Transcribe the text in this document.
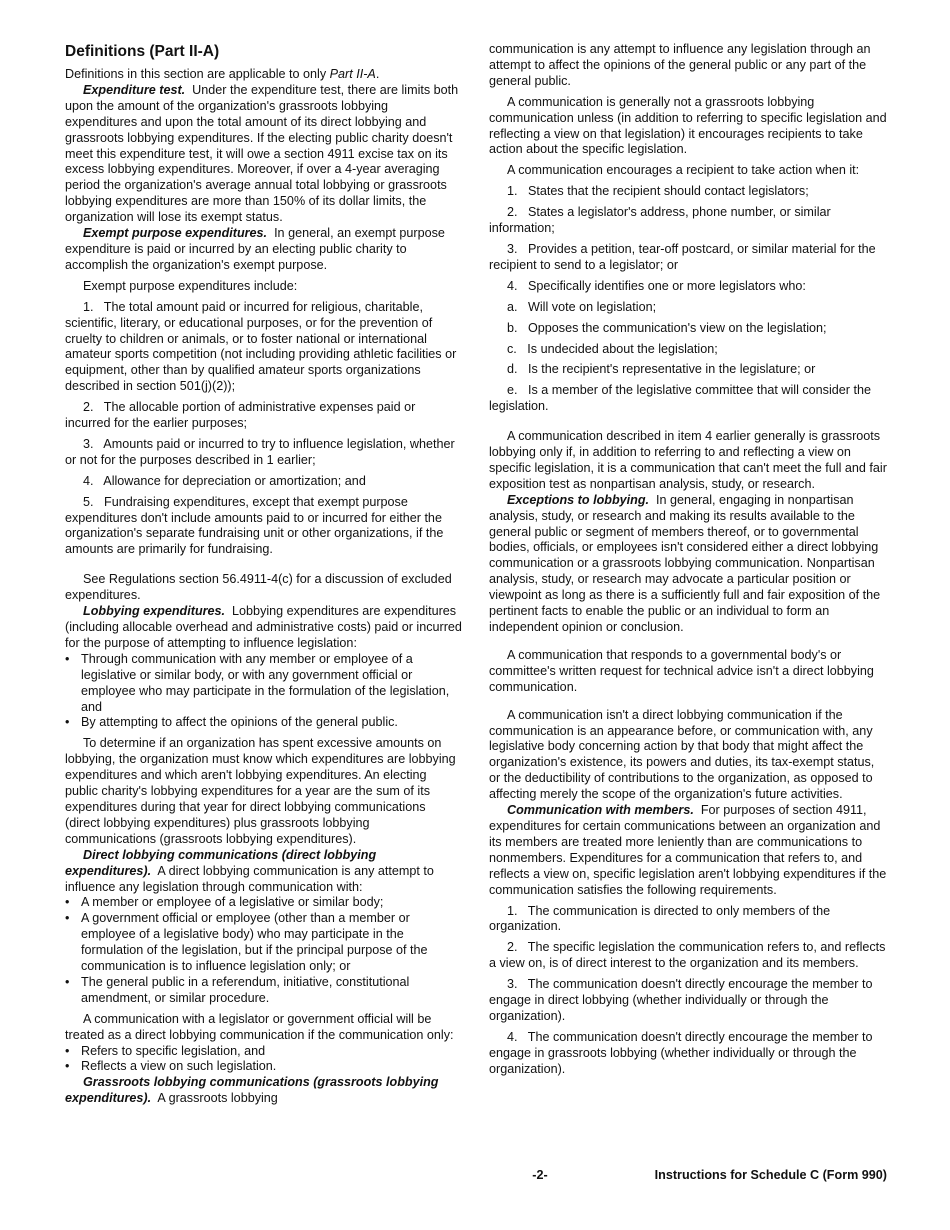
Definitions (Part II-A)

Definitions in this section are applicable to only Part II-A.

Expenditure test. Under the expenditure test, there are limits both upon the amount of the organization's grassroots lobbying expenditures and upon the total amount of its direct lobbying and grassroots lobbying expenditures. If the electing public charity doesn't meet this expenditure test, it will owe a section 4911 excise tax on its excess lobbying expenditures. Moreover, if over a 4-year averaging period the organization's average annual total lobbying or grassroots lobbying expenditures are more than 150% of its dollar limits, the organization will lose its exempt status.

Exempt purpose expenditures. In general, an exempt purpose expenditure is paid or incurred by an electing public charity to accomplish the organization's exempt purpose.

Exempt purpose expenditures include:

1.   The total amount paid or incurred for religious, charitable, scientific, literary, or educational purposes, or for the prevention of cruelty to children or animals, or to foster national or international amateur sports competition (not including providing athletic facilities or equipment, other than by qualified amateur sports organizations described in section 501(j)(2));

2.   The allocable portion of administrative expenses paid or incurred for the earlier purposes;

3.   Amounts paid or incurred to try to influence legislation, whether or not for the purposes described in 1 earlier;

4.   Allowance for depreciation or amortization; and

5.   Fundraising expenditures, except that exempt purpose expenditures don't include amounts paid to or incurred for either the organization's separate fundraising unit or other organizations, if the amounts are primarily for fundraising.

See Regulations section 56.4911-4(c) for a discussion of excluded expenditures.

Lobbying expenditures. Lobbying expenditures are expenditures (including allocable overhead and administrative costs) paid or incurred for the purpose of attempting to influence legislation:

• Through communication with any member or employee of a legislative or similar body, or with any government official or employee who may participate in the formulation of the legislation, and

• By attempting to affect the opinions of the general public.

To determine if an organization has spent excessive amounts on lobbying, the organization must know which expenditures are lobbying expenditures and which aren't lobbying expenditures. An electing public charity's lobbying expenditures for a year are the sum of its expenditures during that year for direct lobbying communications (direct lobbying expenditures) plus grassroots lobbying communications (grassroots lobbying expenditures).

Direct lobbying communications (direct lobbying expenditures). A direct lobbying communication is any attempt to influence any legislation through communication with:

• A member or employee of a legislative or similar body;

• A government official or employee (other than a member or employee of a legislative body) who may participate in the formulation of the legislation, but if the principal purpose of the communication is to influence legislation only; or

• The general public in a referendum, initiative, constitutional amendment, or similar procedure.

A communication with a legislator or government official will be treated as a direct lobbying communication if the communication only:

• Refers to specific legislation, and

• Reflects a view on such legislation.

Grassroots lobbying communications (grassroots lobbying expenditures). A grassroots lobbying

communication is any attempt to influence any legislation through an attempt to affect the opinions of the general public or any part of the general public.

A communication is generally not a grassroots lobbying communication unless (in addition to referring to specific legislation and reflecting a view on that legislation) it encourages recipients to take action about the specific legislation.

A communication encourages a recipient to take action when it:

1.   States that the recipient should contact legislators;

2.   States a legislator's address, phone number, or similar information;

3.   Provides a petition, tear-off postcard, or similar material for the recipient to send to a legislator; or

4.   Specifically identifies one or more legislators who:

a.   Will vote on legislation;

b.   Opposes the communication's view on the legislation;

c.   Is undecided about the legislation;

d.   Is the recipient's representative in the legislature; or

e.   Is a member of the legislative committee that will consider the legislation.

A communication described in item 4 earlier generally is grassroots lobbying only if, in addition to referring to and reflecting a view on specific legislation, it is a communication that can't meet the full and fair exposition test as nonpartisan analysis, study, or research.

Exceptions to lobbying. In general, engaging in nonpartisan analysis, study, or research and making its results available to the general public or segment of members thereof, or to governmental bodies, officials, or employees isn't considered either a direct lobbying communication or a grassroots lobbying communication. Nonpartisan analysis, study, or research may advocate a particular position or viewpoint as long as there is a sufficiently full and fair exposition of the pertinent facts to enable the public or an individual to form an independent opinion or conclusion.

A communication that responds to a governmental body's or committee's written request for technical advice isn't a direct lobbying communication.

A communication isn't a direct lobbying communication if the communication is an appearance before, or communication with, any legislative body concerning action by that body that might affect the organization's existence, its powers and duties, its tax-exempt status, or the deductibility of contributions to the organization, as opposed to affecting merely the scope of the organization's future activities.

Communication with members. For purposes of section 4911, expenditures for certain communications between an organization and its members are treated more leniently than are communications to nonmembers. Expenditures for a communication that refers to, and reflects a view on, specific legislation aren't lobbying expenditures if the communication satisfies the following requirements.

1.   The communication is directed to only members of the organization.

2.   The specific legislation the communication refers to, and reflects a view on, is of direct interest to the organization and its members.

3.   The communication doesn't directly encourage the member to engage in direct lobbying (whether individually or through the organization).

4.   The communication doesn't directly encourage the member to engage in grassroots lobbying (whether individually or through the organization).

-2-	Instructions for Schedule C (Form 990)
